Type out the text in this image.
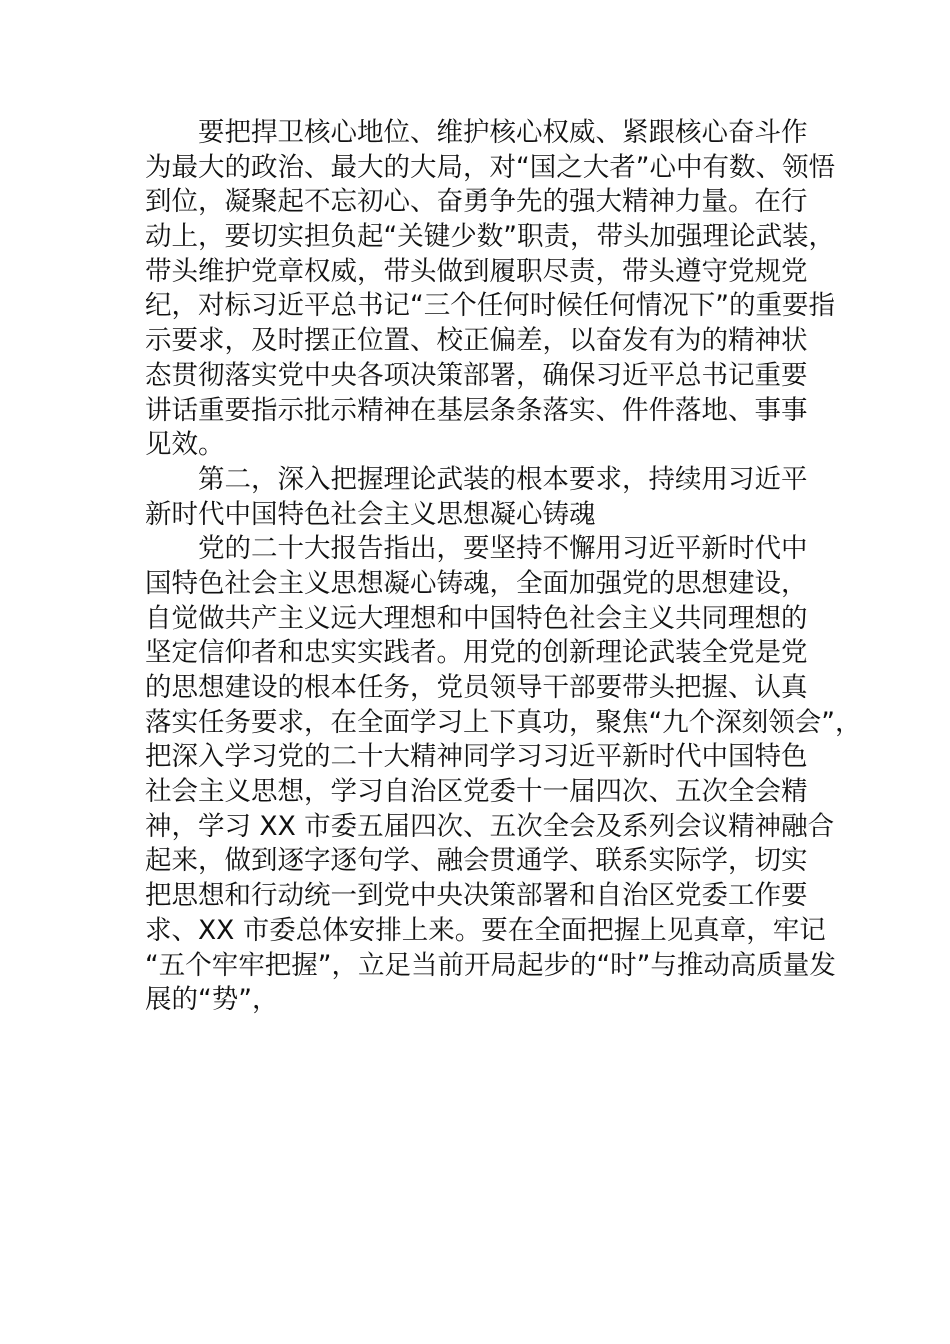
要把捍卫核心地位、维护核心权威、紧跟核心奋斗作
为最大的政治、最大的大局，对“国之大者”心中有数、领悟
到位，凝聚起不忘初心、奋勇争先的强大精神力量。在行
动上，要切实担负起“关键少数”职责，带头加强理论武装，
带头维护党章权威，带头做到履职尽责，带头遵守党规党
纪，对标习近平总书记“三个任何时候任何情况下”的重要指
示要求，及时摆正位置、校正偏差，以奋发有为的精神状
态贯彻落实党中央各项决策部署，确保习近平总书记重要
讲话重要指示批示精神在基层条条落实、件件落地、事事
见效。
第二，深入把握理论武装的根本要求，持续用习近平
新时代中国特色社会主义思想凝心铸魂
党的二十大报告指出，要坚持不懈用习近平新时代中
国特色社会主义思想凝心铸魂，全面加强党的思想建设，
自觉做共产主义远大理想和中国特色社会主义共同理想的
坚定信仰者和忠实实践者。用党的创新理论武装全党是党
的思想建设的根本任务，党员领导干部要带头把握、认真
落实任务要求，在全面学习上下真功，聚焦“九个深刻领会”，
把深入学习党的二十大精神同学习习近平新时代中国特色
社会主义思想，学习自治区党委十一届四次、五次全会精
神，学习 XX 市委五届四次、五次全会及系列会议精神融合
起来，做到逐字逐句学、融会贯通学、联系实际学，切实
把思想和行动统一到党中央决策部署和自治区党委工作要
求、XX 市委总体安排上来。要在全面把握上见真章，牢记
“五个牢牢把握”，立足当前开局起步的“时”与推动高质量发
展的“势”，
